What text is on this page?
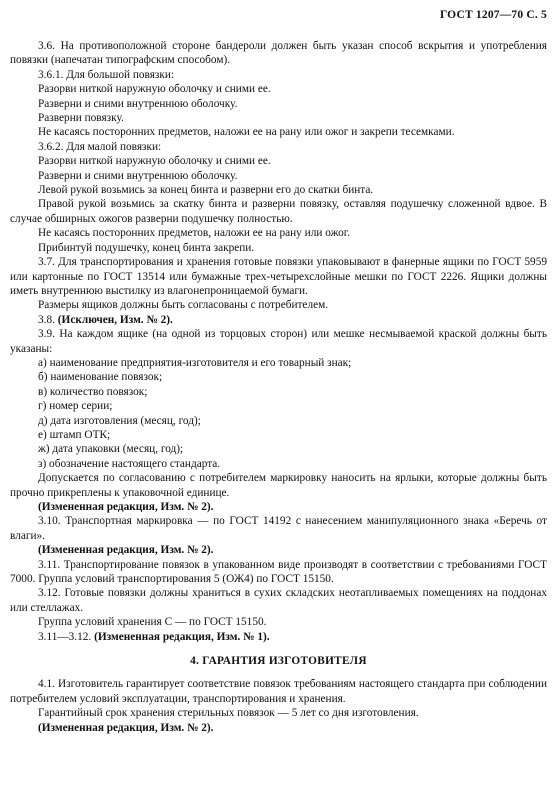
ГОСТ 1207—70 С. 5

3.6. На противоположной стороне бандероли должен быть указан способ вскрытия и употребления повязки (напечатан типографским способом).

3.6.1. Для большой повязки:

Разорви ниткой наружную оболочку и сними ее.

Разверни и сними внутреннюю оболочку.

Разверни повязку.

Не касаясь посторонних предметов, наложи ее на рану или ожог и закрепи тесемками.

3.6.2. Для малой повязки:

Разорви ниткой наружную оболочку и сними ее.

Разверни и сними внутреннюю оболочку.

Левой рукой возьмись за конец бинта и разверни его до скатки бинта.

Правой рукой возьмись за скатку бинта и разверни повязку, оставляя подушечку сложенной вдвое. В случае обширных ожогов разверни подушечку полностью.

Не касаясь посторонних предметов, наложи ее на рану или ожог.

Прибинтуй подушечку, конец бинта закрепи.

3.7. Для транспортирования и хранения готовые повязки упаковывают в фанерные ящики по ГОСТ 5959 или картонные по ГОСТ 13514 или бумажные трех-четырехслойные мешки по ГОСТ 2226. Ящики должны иметь внутреннюю выстилку из влагонепроницаемой бумаги.

Размеры ящиков должны быть согласованы с потребителем.

3.8. (Исключен, Изм. № 2).

3.9. На каждом ящике (на одной из торцовых сторон) или мешке несмываемой краской должны быть указаны:

а) наименование предприятия-изготовителя и его товарный знак;

б) наименование повязок;

в) количество повязок;

г) номер серии;

д) дата изготовления (месяц, год);

е) штамп ОТК;

ж) дата упаковки (месяц, год);

з) обозначение настоящего стандарта.

Допускается по согласованию с потребителем маркировку наносить на ярлыки, которые должны быть прочно прикреплены к упаковочной единице.

(Измененная редакция, Изм. № 2).

3.10. Транспортная маркировка — по ГОСТ 14192 с нанесением манипуляционного знака «Беречь от влаги».

(Измененная редакция, Изм. № 2).

3.11. Транспортирование повязок в упакованном виде производят в соответствии с требованиями ГОСТ 7000. Группа условий транспортирования 5 (ОЖ4) по ГОСТ 15150.

3.12. Готовые повязки должны храниться в сухих складских неотапливаемых помещениях на поддонах или стеллажах.

Группа условий хранения С — по ГОСТ 15150.

3.11—3.12. (Измененная редакция, Изм. № 1).

4. ГАРАНТИЯ ИЗГОТОВИТЕЛЯ

4.1. Изготовитель гарантирует соответствие повязок требованиям настоящего стандарта при соблюдении потребителем условий эксплуатации, транспортирования и хранения.

Гарантийный срок хранения стерильных повязок — 5 лет со дня изготовления.

(Измененная редакция, Изм. № 2).
